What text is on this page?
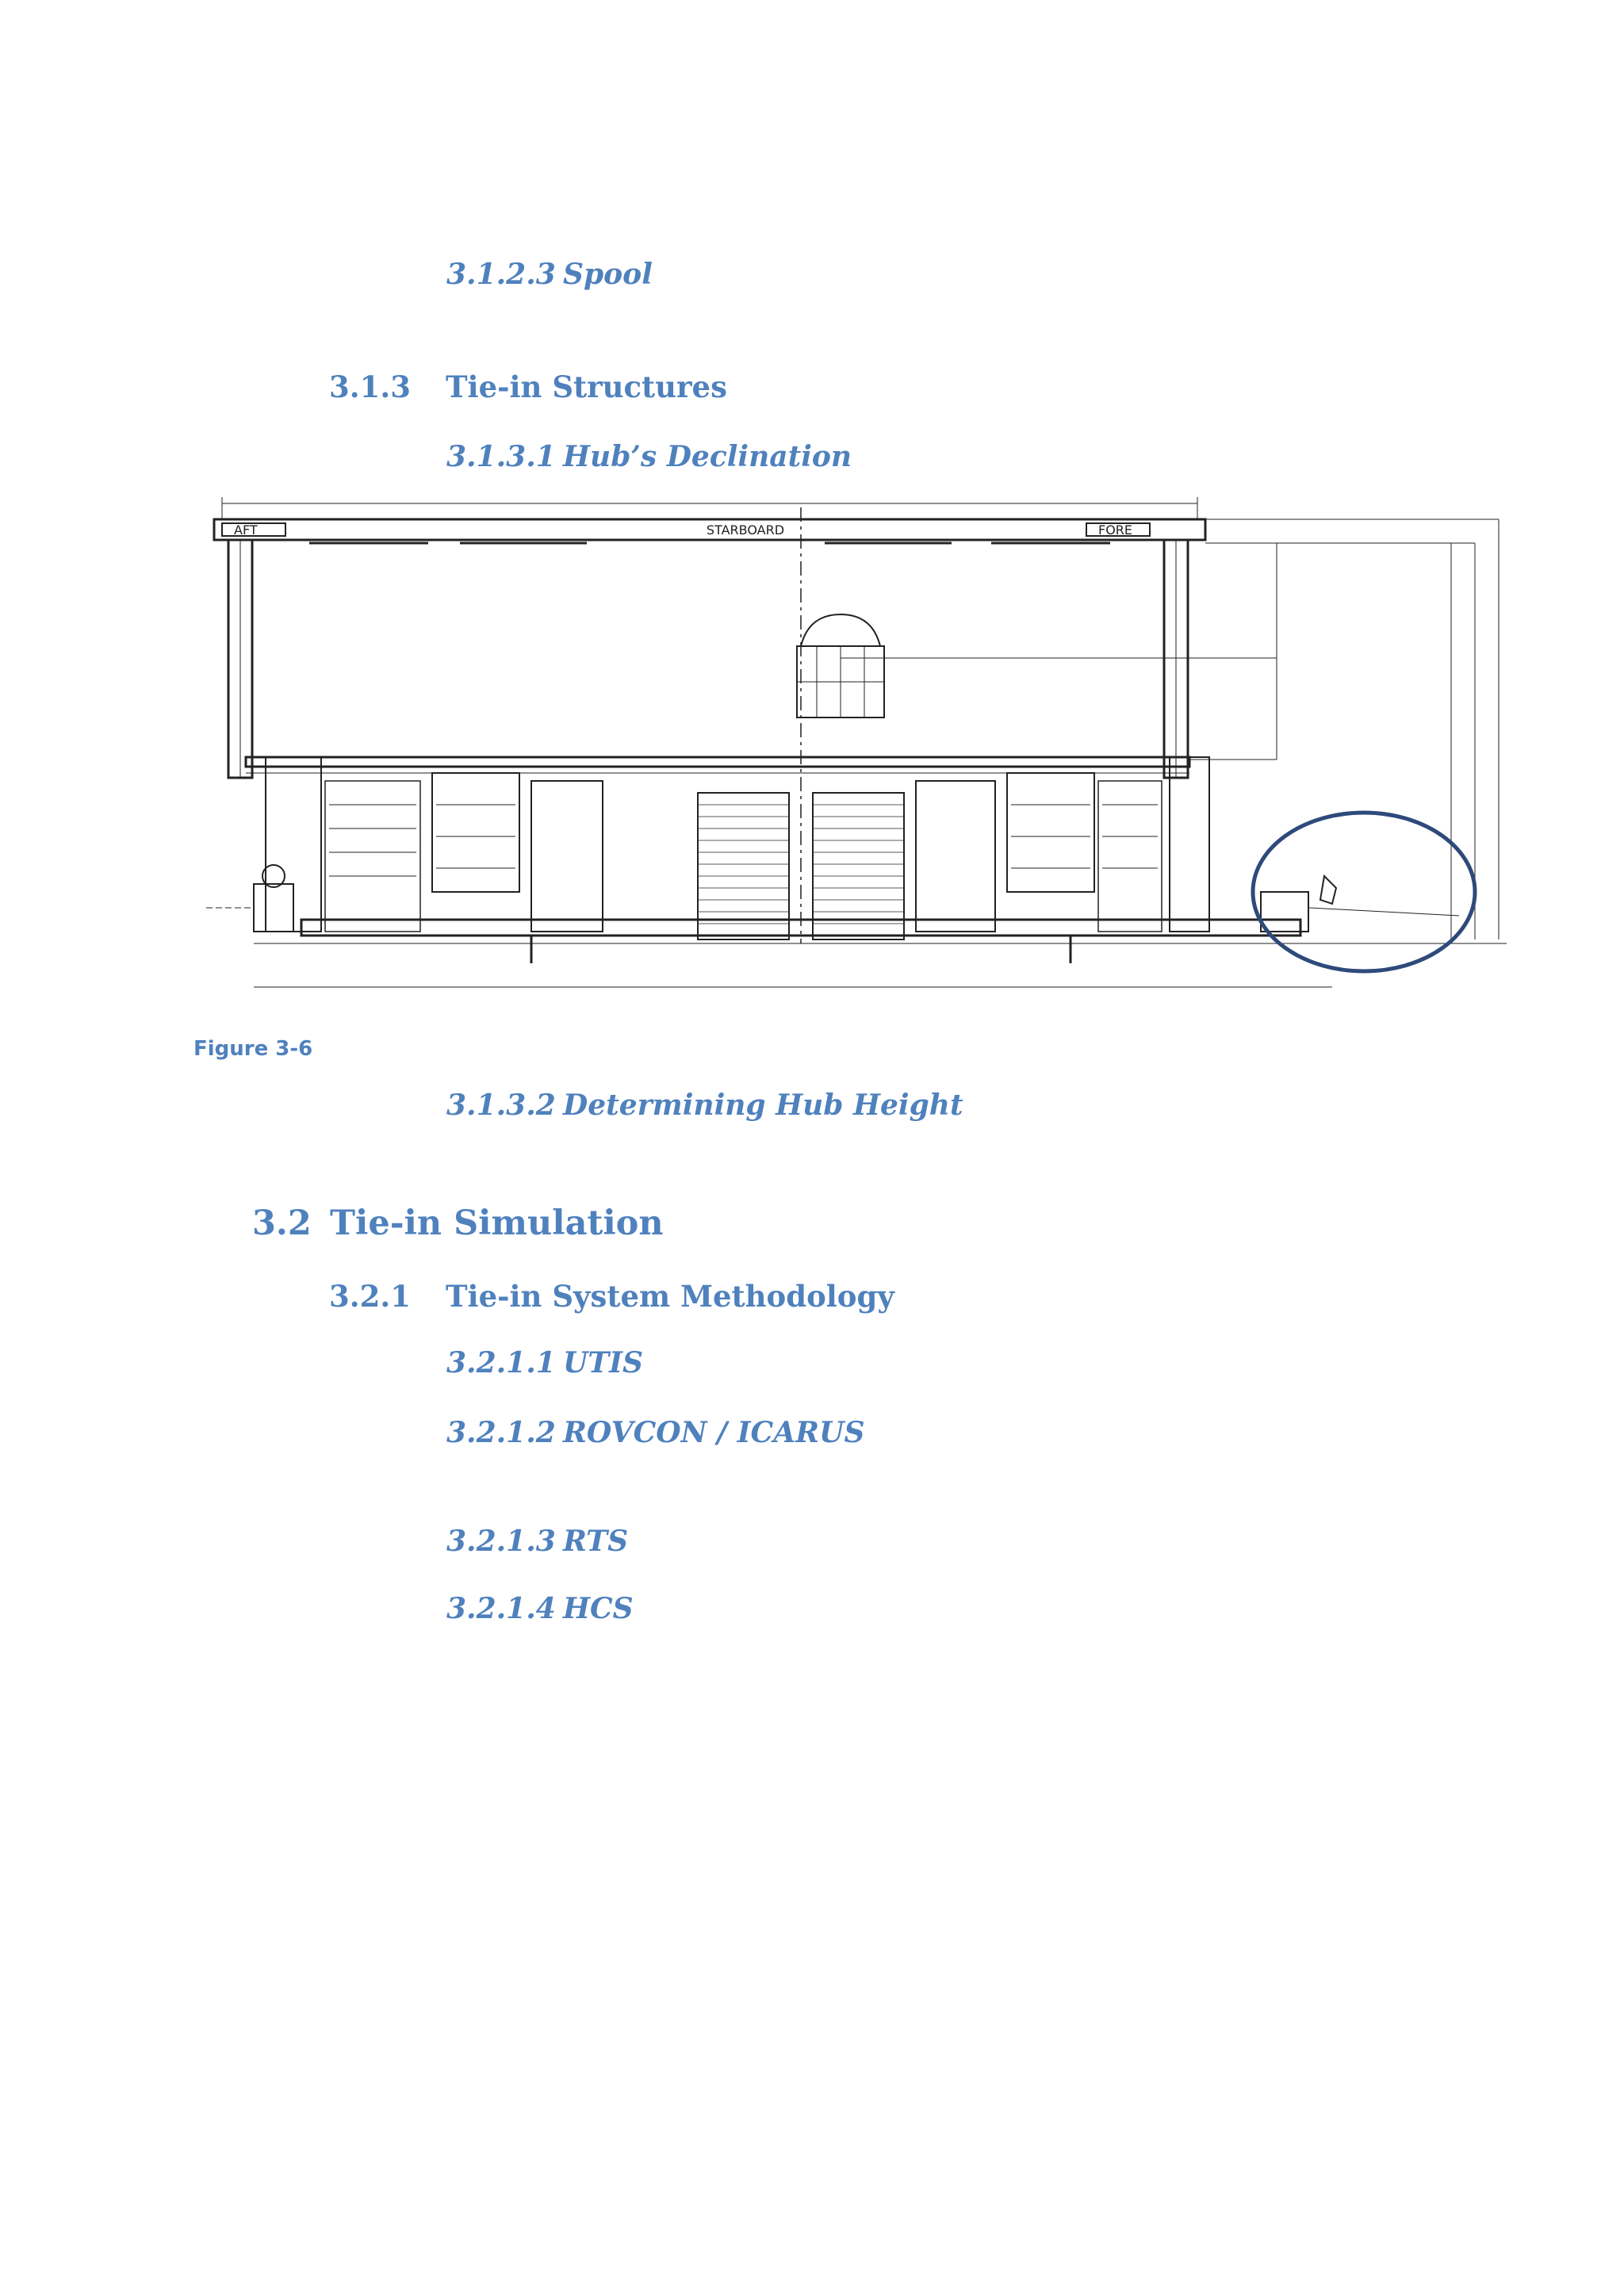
3.1.2.3 Spool
3.1.3 Tie-in Structures
3.1.3.1 Hub’s Declination
AFT	STARBOARD	FORE

Figure 3-6

3.1.3.2 Determining Hub Height
3.2 Tie-in Simulation
3.2.1 Tie-in System Methodology
3.2.1.1 UTIS
3.2.1.2 ROVCON / ICARUS
3.2.1.3 RTS
3.2.1.4 HCS
